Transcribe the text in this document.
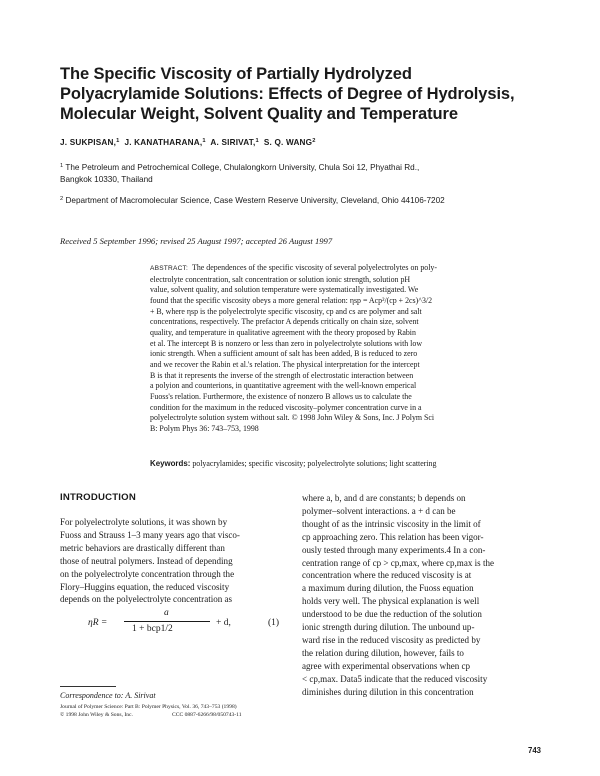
The Specific Viscosity of Partially Hydrolyzed
Polyacrylamide Solutions: Effects of Degree of Hydrolysis,
Molecular Weight, Solvent Quality and Temperature
J. SUKPISAN,$^1$ J. KANATHARANA,$^1$ A. SIRIVAT,$^1$ S. Q. WANG$^2$
$^1$ The Petroleum and Petrochemical College, Chulalongkorn University, Chula Soi 12, Phyathai Rd.,
Bangkok 10330, Thailand
$^2$ Department of Macromolecular Science, Case Western Reserve University, Cleveland, Ohio 44106-7202
Received 5 September 1996; revised 25 August 1997; accepted 26 August 1997
ABSTRACT: The dependences of the specific viscosity of several polyelectrolytes on poly-
electrolyte concentration, salt concentration or solution ionic strength, solution pH
value, solvent quality, and solution temperature were systematically investigated. We
found that the specific viscosity obeys a more general relation: ηsp = Acp²/(cp + 2cs)^3/2
+ B, where ηsp is the polyelectrolyte specific viscosity, cp and cs are polymer and salt
concentrations, respectively. The prefactor A depends critically on chain size, solvent
quality, and temperature in qualitative agreement with the theory proposed by Rabin
et al. The intercept B is nonzero or less than zero in polyelectrolyte solutions with low
ionic strength. When a sufficient amount of salt has been added, B is reduced to zero
and we recover the Rabin et al.'s relation. The physical interpretation for the intercept
B is that it represents the inverse of the strength of electrostatic interaction between
a polyion and counterions, in quantitative agreement with the well-known emperical
Fuoss's relation. Furthermore, the existence of nonzero B allows us to calculate the
condition for the maximum in the reduced viscosity–polymer concentration curve in a
polyelectrolyte solution system without salt. © 1998 John Wiley & Sons, Inc. J Polym Sci
B: Polym Phys 36: 743–753, 1998
Keywords: polyacrylamides; specific viscosity; polyelectrolyte solutions; light scattering
INTRODUCTION
For polyelectrolyte solutions, it was shown by
Fuoss and Strauss 1–3 many years ago that visco-
metric behaviors are drastically different than
those of neutral polymers. Instead of depending
on the polyelectrolyte concentration through the
Flory–Huggins equation, the reduced viscosity
depends on the polyelectrolyte concentration as
ηR =
a
1 + bcp1/2
+ d,	(1)
where a, b, and d are constants; b depends on
polymer–solvent interactions. a + d can be
thought of as the intrinsic viscosity in the limit of
cp approaching zero. This relation has been vigor-
ously tested through many experiments.4 In a con-
centration range of cp > cp,max, where cp,max is the
concentration where the reduced viscosity is at
a maximum during dilution, the Fuoss equation
holds very well. The physical explanation is well
understood to be due the reduction of the solution
ionic strength during dilution. The unbound up-
ward rise in the reduced viscosity as predicted by
the relation during dilution, however, fails to
agree with experimental observations when cp
< cp,max. Data5 indicate that the reduced viscosity
diminishes during dilution in this concentration
Correspondence to: A. Sirivat
Journal of Polymer Science: Part B: Polymer Physics, Vol. 36, 743–753 (1998)
© 1998 John Wiley & Sons, Inc.	CCC 0887-6266/98/050743-11
743
